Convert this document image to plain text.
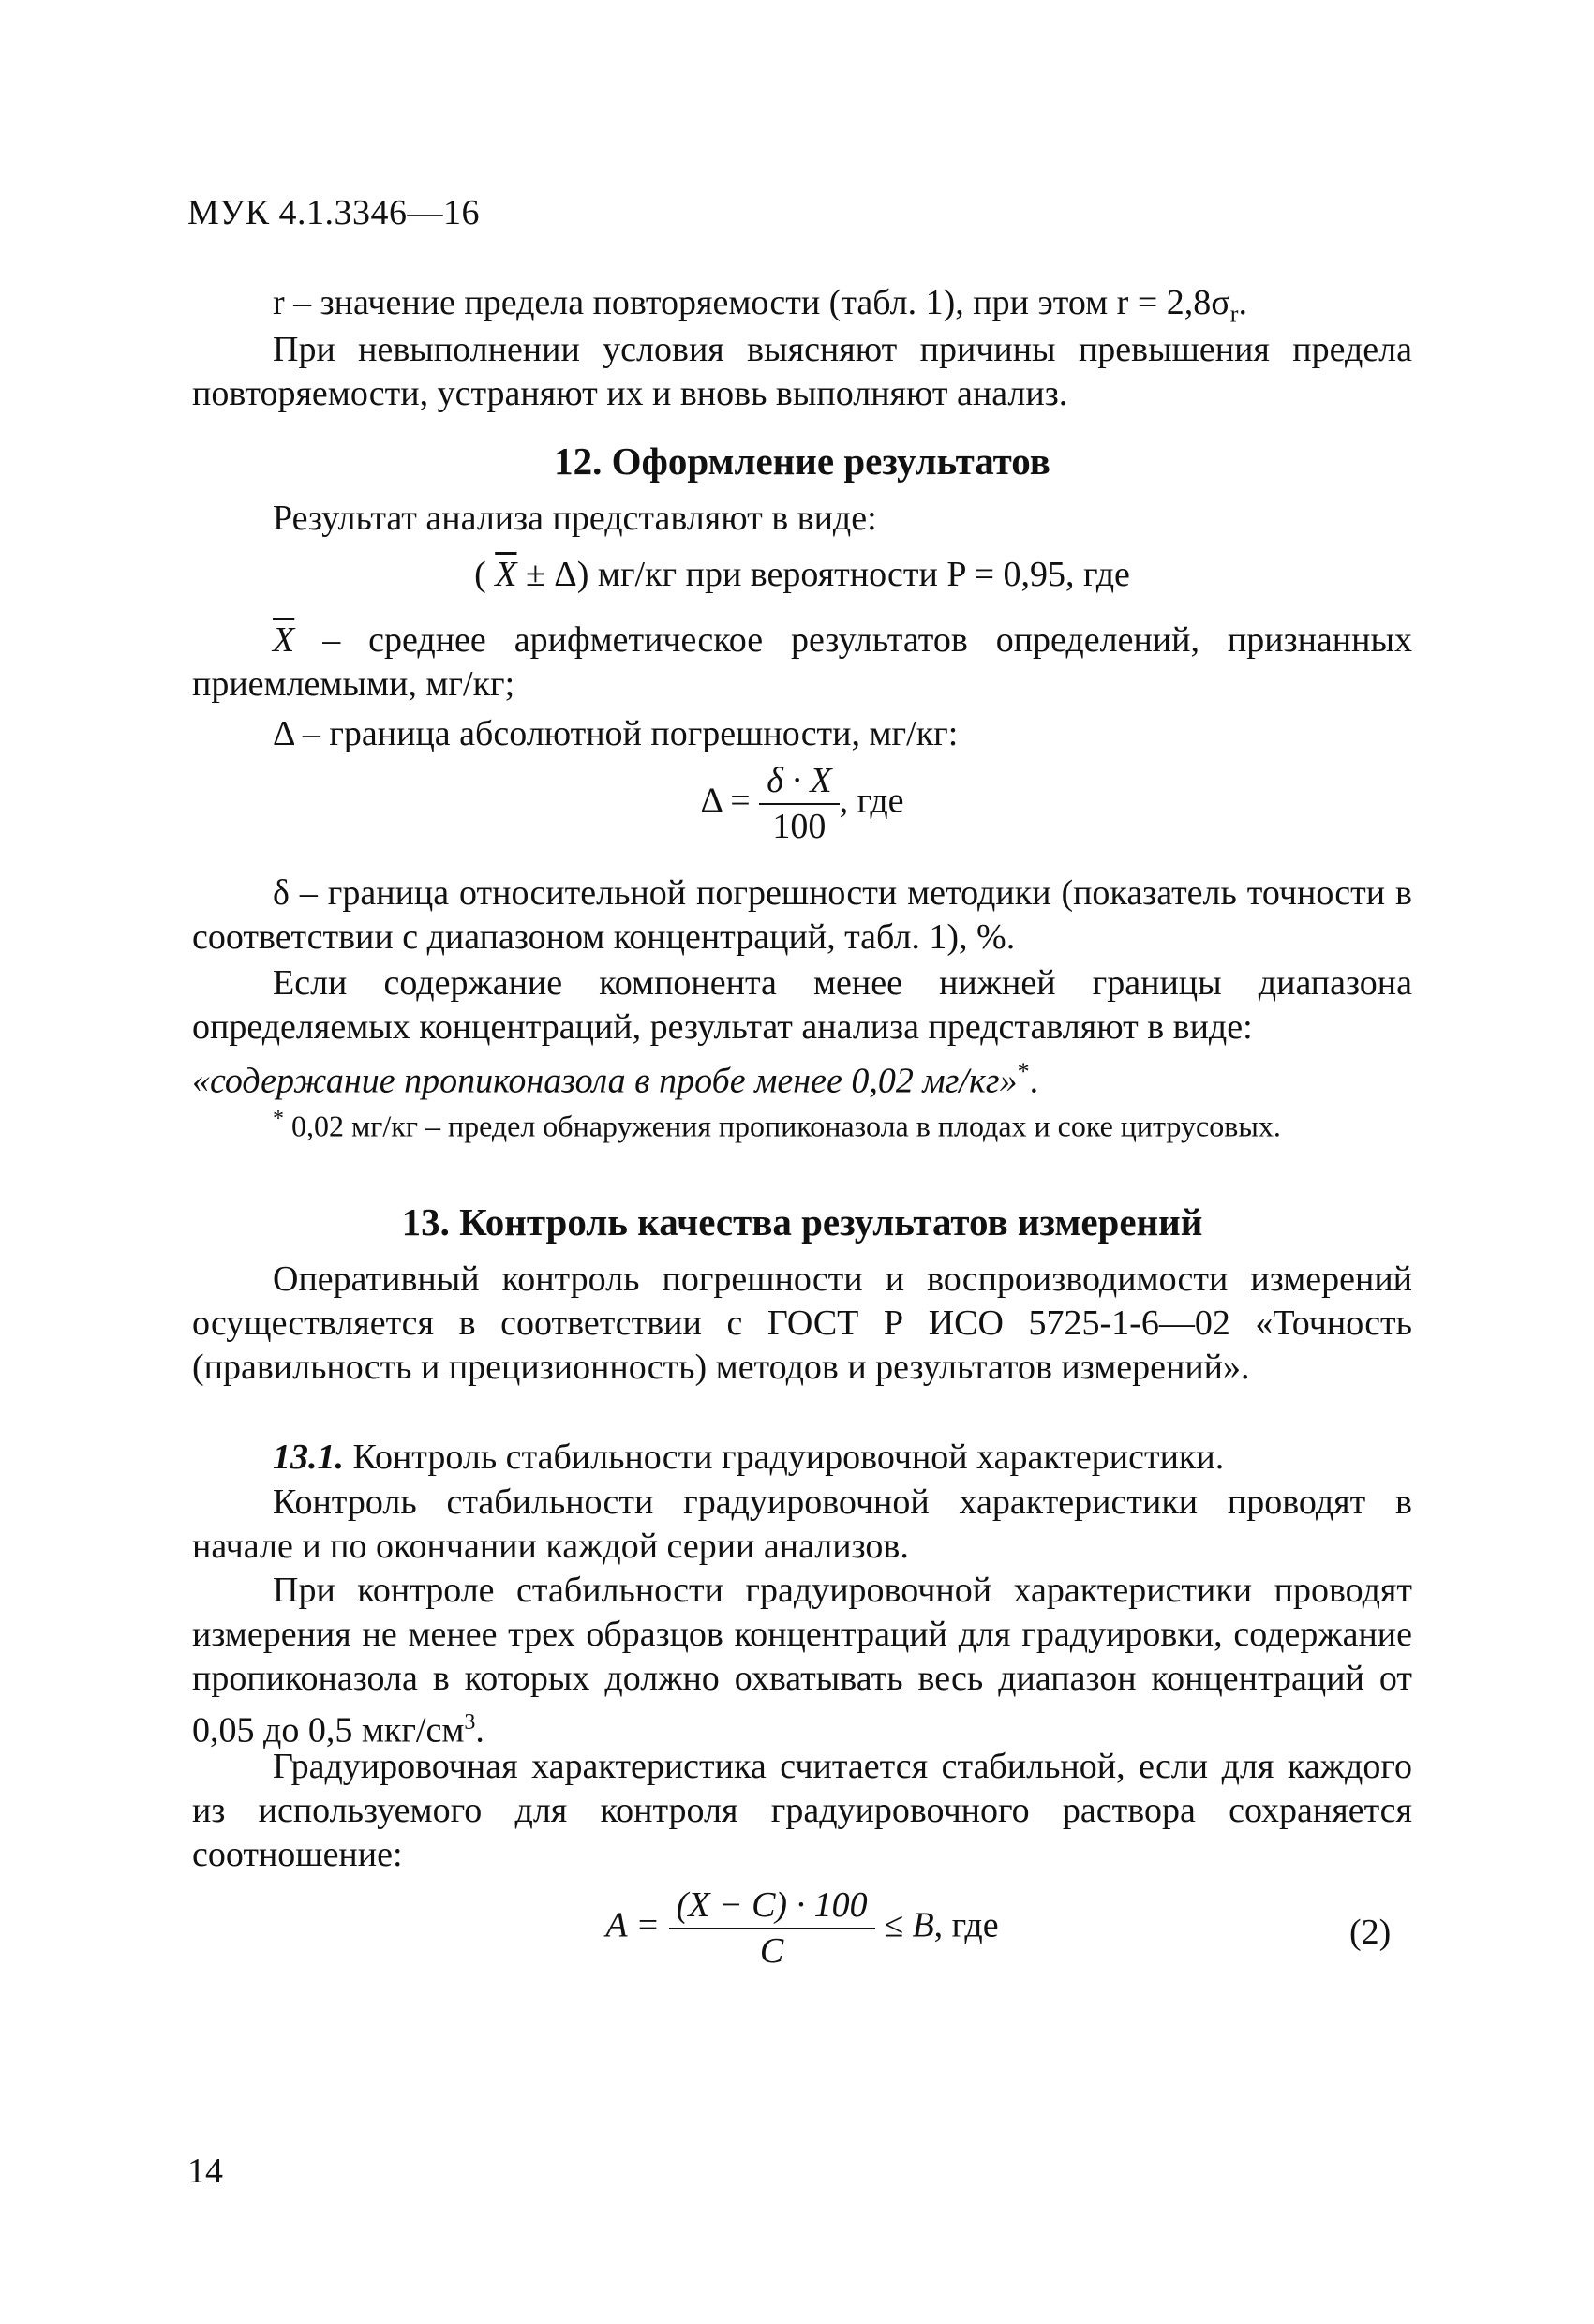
МУК 4.1.3346—16
r – значение предела повторяемости (табл. 1), при этом $r = 2,8\sigma_r$.
При невыполнении условия выясняют причины превышения предела повторяемости, устраняют их и вновь выполняют анализ.
12. Оформление результатов
Результат анализа представляют в виде:
( $\overline{X} \pm \Delta$) мг/кг при вероятности P = 0,95, где
$\overline{X}$ – среднее арифметическое результатов определений, признанных приемлемыми, мг/кг;
Δ – граница абсолютной погрешности, мг/кг:
$\Delta = \frac{\delta \cdot X}{100}$ , где
δ – граница относительной погрешности методики (показатель точности в соответствии с диапазоном концентраций, табл. 1), %.
Если содержание компонента менее нижней границы диапазона определяемых концентраций, результат анализа представляют в виде:
«содержание пропиконазола в пробе менее 0,02 мг/кг»*.
* 0,02 мг/кг – предел обнаружения пропиконазола в плодах и соке цитрусовых.
13. Контроль качества результатов измерений
Оперативный контроль погрешности и воспроизводимости измерений осуществляется в соответствии с ГОСТ Р ИСО 5725-1-6—02 «Точность (правильность и прецизионность) методов и результатов измерений».
13.1. Контроль стабильности градуировочной характеристики.
Контроль стабильности градуировочной характеристики проводят в начале и по окончании каждой серии анализов.
При контроле стабильности градуировочной характеристики проводят измерения не менее трех образцов концентраций для градуировки, содержание пропиконазола в которых должно охватывать весь диапазон концентраций от 0,05 до 0,5 мкг/$см^3$.
Градуировочная характеристика считается стабильной, если для каждого из используемого для контроля градуировочного раствора сохраняется соотношение:
$A = \frac{(X - C) \cdot 100}{C} \le B$, где	(2)
14
